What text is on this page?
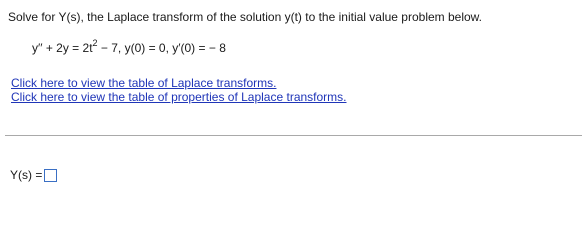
Solve for Y(s), the Laplace transform of the solution y(t) to the initial value problem below.
$y'' + 2y = 2t^2 - 7$, y(0) = 0, y′(0) = − 8
Click here to view the table of Laplace transforms.
Click here to view the table of properties of Laplace transforms.
Y(s) =
